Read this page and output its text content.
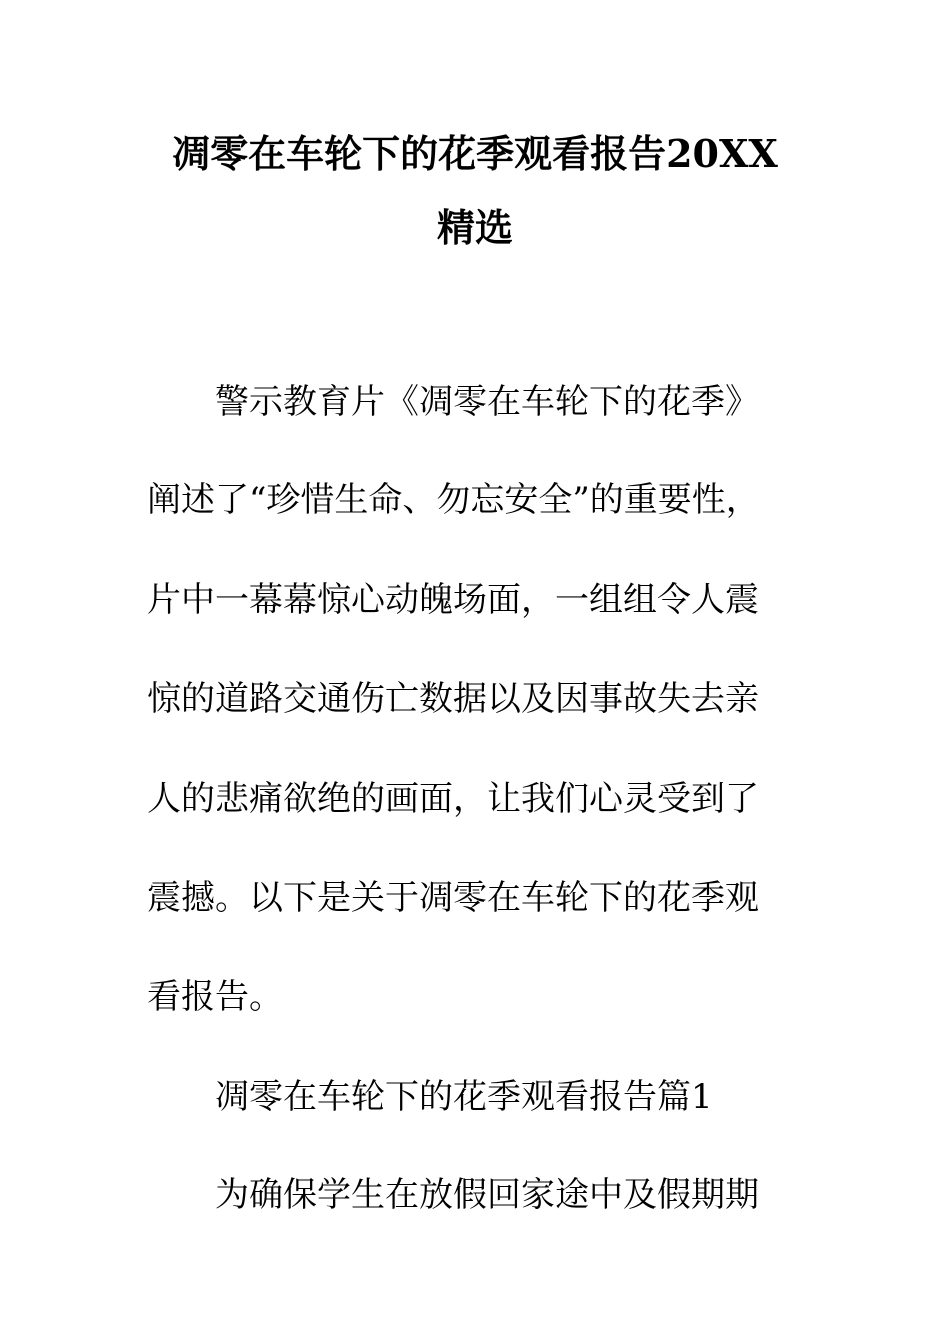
凋零在车轮下的花季观看报告20XX
精选

警示教育片《凋零在车轮下的花季》

阐述了“珍惜生命、勿忘安全”的重要性，

片中一幕幕惊心动魄场面，一组组令人震

惊的道路交通伤亡数据以及因事故失去亲

人的悲痛欲绝的画面，让我们心灵受到了

震撼。以下是关于凋零在车轮下的花季观

看报告。

凋零在车轮下的花季观看报告篇1

为确保学生在放假回家途中及假期期
